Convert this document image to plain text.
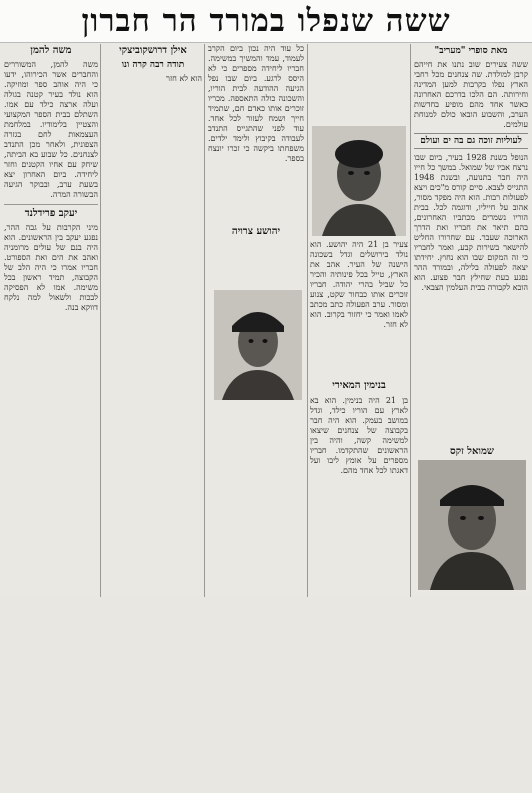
ששה שנפלו במורד הר חברון
מאת סופרי "מעריב"

ששה צעירים שוב נתנו את חייהם קרבן למולדת. שה צנחנים מכל רחבי הארץ נפלו בקרבות למען המדינה וחירותה. הם הלכו בדרכם האחרונה כאשר אחד מהם מופיע בחדשות הערב, והשבוע הובאו כולם למנוחת עולמים.

לעוליות זוכה גם בה ים ועולם

הנופל בשנת 1928 בעיר, ביום שבו נרצח אביו של שמואל. במשך כל חייו היה חבר בתנועה, ובשנת 1948 התגייס לצבא. סיים קורס מ"כים ויצא לפעולות רבות. הוא היה מפקד מסור, אהוב על חייליו, ודוגמה לכל. בבית הוריו נשמרים מכתביו האחרונים, בהם תיאר את חבריו ואת הדרך הארוכה שעבר. עם שחרורו החליט להישאר בשירות קבע, ואמר לחבריו כי זה המקום שבו הוא נחוץ. יחידתו יצאה לפעולה בלילה, ובמורד ההר נפגע בעת שחילץ חבר פצוע. הוא הובא לקבורה בבית העלמין הצבאי.

צעיר בן 21 היה יהושע. הוא נולד בירושלים וגדל בשכונה הישנה של העיר. אהב את הארץ, טייל בכל פינותיה והכיר כל שביל בהרי יהודה. חבריו זוכרים אותו כבחור שקט, צנוע ומסור. ערב הפעולה כתב מכתב לאמו ואמר כי יחזור בקרוב. הוא לא חזר.

בנימין המאירי

בן 21 היה בנימין. הוא בא לארץ עם הוריו כילד, וגדל במושב בעמק. הוא היה חבר בקבוצה של צנחנים שיצאו למשימה קשה, והיה בין הראשונים שהתקדמו. חבריו מספרים על אומץ ליבו ועל דאגתו לכל אחד מהם.

שמואל זקס

כל עוד היה נכון ביום הקרב לעמוד, עמד והמשיך במשימה. חבריו ליחידה מספרים כי לא היסס לרגע. ביום שבו נפל הגיעה ההודעה לבית הוריו, והשכונה כולה התאספה. מכריו זוכרים אותו כאדם חם, שתמיד חייך ושמח לעזור לכל אחד. עוד לפני שהתגייס התנדב לעבודה בקיבוץ ולימד ילדים. משפחתו ביקשה כי זכרו יונצח בספר.

יהושע צרויה
אילן דרושקוביצקי
תודה רבה קרה ונו

הוא לא חזר

משה להמן

משה להמן, המשוררים והחברים אשר הכירוהו, ידעו כי היה אוהב ספר ומוזיקה. הוא נולד בעיר קטנה בגולה ועלה ארצה כילד עם אמו. השתלם בבית הספר המקצועי והצטיין בלימודיו. במלחמת העצמאות לחם בגזרה הצפונית, ולאחר מכן התנדב לצנחנים. כל שבוע בא הביתה, שיחק עם אחיו הקטנים וחזר ליחידה. ביום האחרון יצא בשעת ערב, ובבוקר הגיעה הבשורה המרה.

יעקב פרידלנד

מיני הקרבות על גבה ההר, נפגע יעקב בין הראשונים. הוא היה בנם של עולים מרומניה ואהב את הים ואת הספורט. חבריו אמרו כי היה הלב של הקבוצה, תמיד ראשון בכל משימה. אמו לא הפסיקה לבכות ולשאול למה נלקח דווקא בנה.
